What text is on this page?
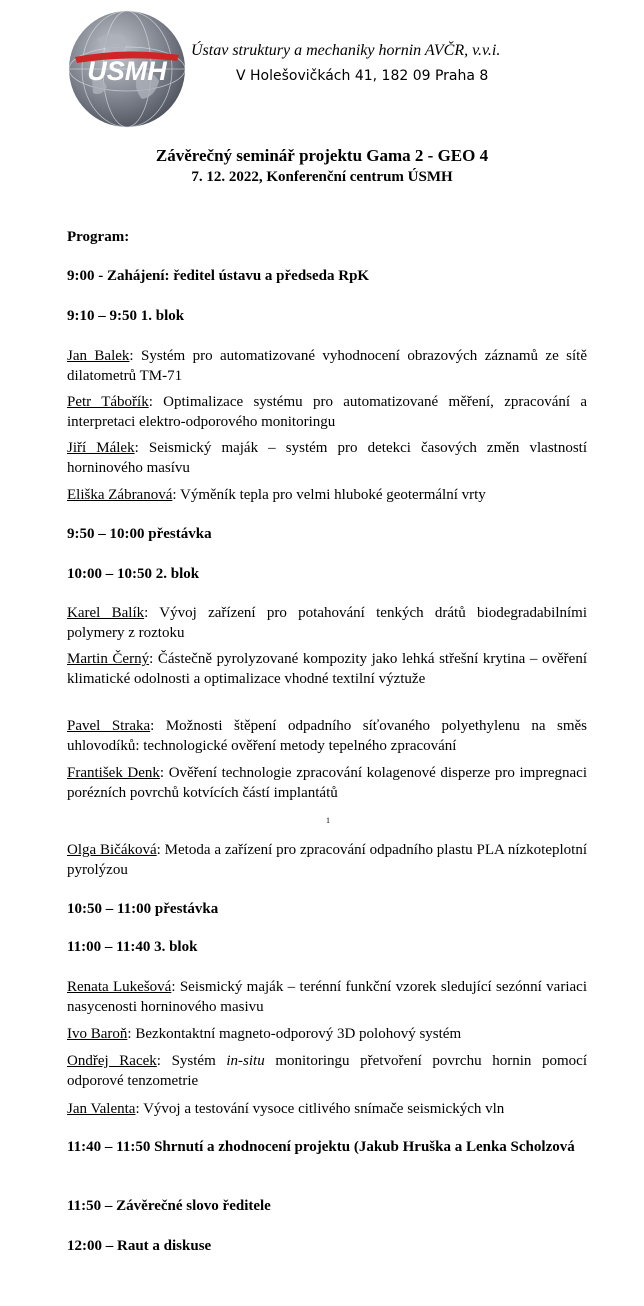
USMH
Ústav struktury a mechaniky hornin AVČR, v.v.i.
V Holešovičkách 41, 182 09 Praha 8
Závěrečný seminář projektu Gama 2 - GEO 4
7. 12. 2022, Konferenční centrum ÚSMH
Program:
9:00 - Zahájení: ředitel ústavu a předseda RpK
9:10 – 9:50 1. blok
Jan Balek: Systém pro automatizované vyhodnocení obrazových záznamů ze sítě dilatometrů TM-71
Petr Tábořík: Optimalizace systému pro automatizované měření, zpracování a interpretaci elektro-odporového monitoringu
Jiří Málek: Seismický maják – systém pro detekci časových změn vlastností horninového masívu
Eliška Zábranová: Výměník tepla pro velmi hluboké geotermální vrty
9:50 – 10:00 přestávka
10:00 – 10:50 2. blok
Karel Balík: Vývoj zařízení pro potahování tenkých drátů biodegradabilními polymery z roztoku
Martin Černý: Částečně pyrolyzované kompozity jako lehká střešní krytina – ověření klimatické odolnosti a optimalizace vhodné textilní výztuže
Pavel Straka: Možnosti štěpení odpadního síťovaného polyethylenu na směs uhlovodíků: technologické ověření metody tepelného zpracování
František Denk: Ověření technologie zpracování kolagenové disperze pro impregnaci porézních povrchů kotvících částí implantátů
1
Olga Bičáková: Metoda a zařízení pro zpracování odpadního plastu PLA nízkoteplotní pyrolýzou
10:50 – 11:00 přestávka
11:00 – 11:40 3. blok
Renata Lukešová: Seismický maják – terénní funkční vzorek sledující sezónní variaci nasycenosti horninového masivu
Ivo Baroň: Bezkontaktní magneto-odporový 3D polohový systém
Ondřej Racek: Systém in-situ monitoringu přetvoření povrchu hornin pomocí odporové tenzometrie
Jan Valenta: Vývoj a testování vysoce citlivého snímače seismických vln
11:40 – 11:50 Shrnutí a zhodnocení projektu (Jakub Hruška a Lenka Scholzová
11:50 – Závěrečné slovo ředitele
12:00 – Raut a diskuse
